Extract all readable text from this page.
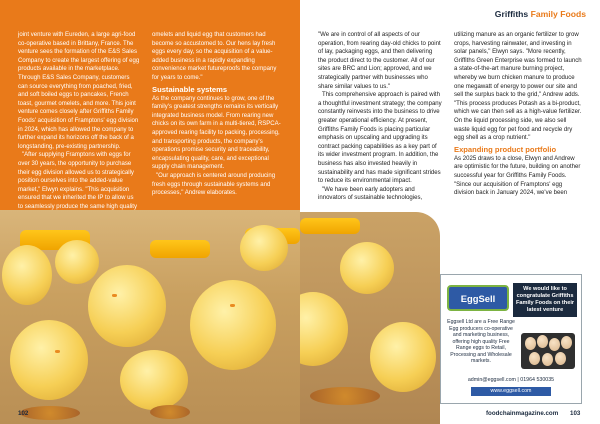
joint venture with Eureden, a large agri-food co-operative based in Brittany, France. The venture sees the formation of the E&S Sales Company to create the largest offering of egg products available in the marketplace. Through E&S Sales Company, customers can source everything from poached, fried, and soft boiled eggs to pancakes, French toast, gourmet omelets, and more. This joint venture comes closely after Griffiths Family Foods' acquisition of Framptons' egg division in 2024, which has allowed the company to further expand its horizons off the back of a longstanding, pre-existing partnership.

"After supplying Framptons with eggs for over 30 years, the opportunity to purchase their egg division allowed us to strategically position ourselves into the added-value market," Elwyn explains. "This acquisition ensured that we inherited the IP to allow us to seamlessly produce the same high quality

omelets and liquid egg that customers had become so accustomed to. Our hens lay fresh eggs every day, so the acquisition of a value-added business in a rapidly expanding convenience market futureproofs the company for years to come."

Sustainable systems

As the company continues to grow, one of the family's greatest strengths remains its vertically integrated business model. From rearing new chicks on its own farm in a multi-tiered, RSPCA-approved rearing facility to packing, processing, and transporting products, the company's operations promise security and traceability, encapsulating quality, care, and exceptional supply chain management.

"Our approach is centered around producing fresh eggs through sustainable systems and processes," Andrew elaborates.

102
Griffiths Family Foods

"We are in control of all aspects of our operation, from rearing day-old chicks to point of lay, packaging eggs, and then delivering the product direct to the customer. All of our sites are BRC and Lion; approved, and we strategically partner with businesses who share similar values to us."

This comprehensive approach is paired with a thoughtful investment strategy; the company constantly reinvests into the business to drive greater operational efficiency. At present, Griffiths Family Foods is placing particular emphasis on upscaling and upgrading its contract packing capabilities as a key part of its wider investment program. In addition, the business has also invested heavily in sustainability and has made significant strides to reduce its environmental impact.

"We have been early adopters and innovators of sustainable technologies,

utilizing manure as an organic fertilizer to grow crops, harvesting rainwater, and investing in solar panels," Elwyn says. "More recently, Griffiths Green Enterprise was formed to launch a state-of-the-art manure burning project, whereby we burn chicken manure to produce one megawatt of energy to power our site and sell the surplus back to the grid," Andrew adds. "This process produces Potash as a bi-product, which we can then sell as a high-value fertilizer. On the liquid processing side, we also sell waste liquid egg for pet food and recycle dry egg shell as a crop nutrient."

Expanding product portfolio

As 2025 draws to a close, Elwyn and Andrew are optimistic for the future, building on another successful year for Griffiths Family Foods. "Since our acquisition of Framptons' egg division back in January 2024, we've been

EggSell
We would like to congratulate Griffiths Family Foods on their latest venture
Eggsell Ltd are a Free Range Egg producers co-operative and marketing business, offering high quality Free Range eggs to Retail, Processing and Wholesale markets.
admin@eggsell.com | 01964 530035
www.eggsell.com
foodchainmagazine.com 103
